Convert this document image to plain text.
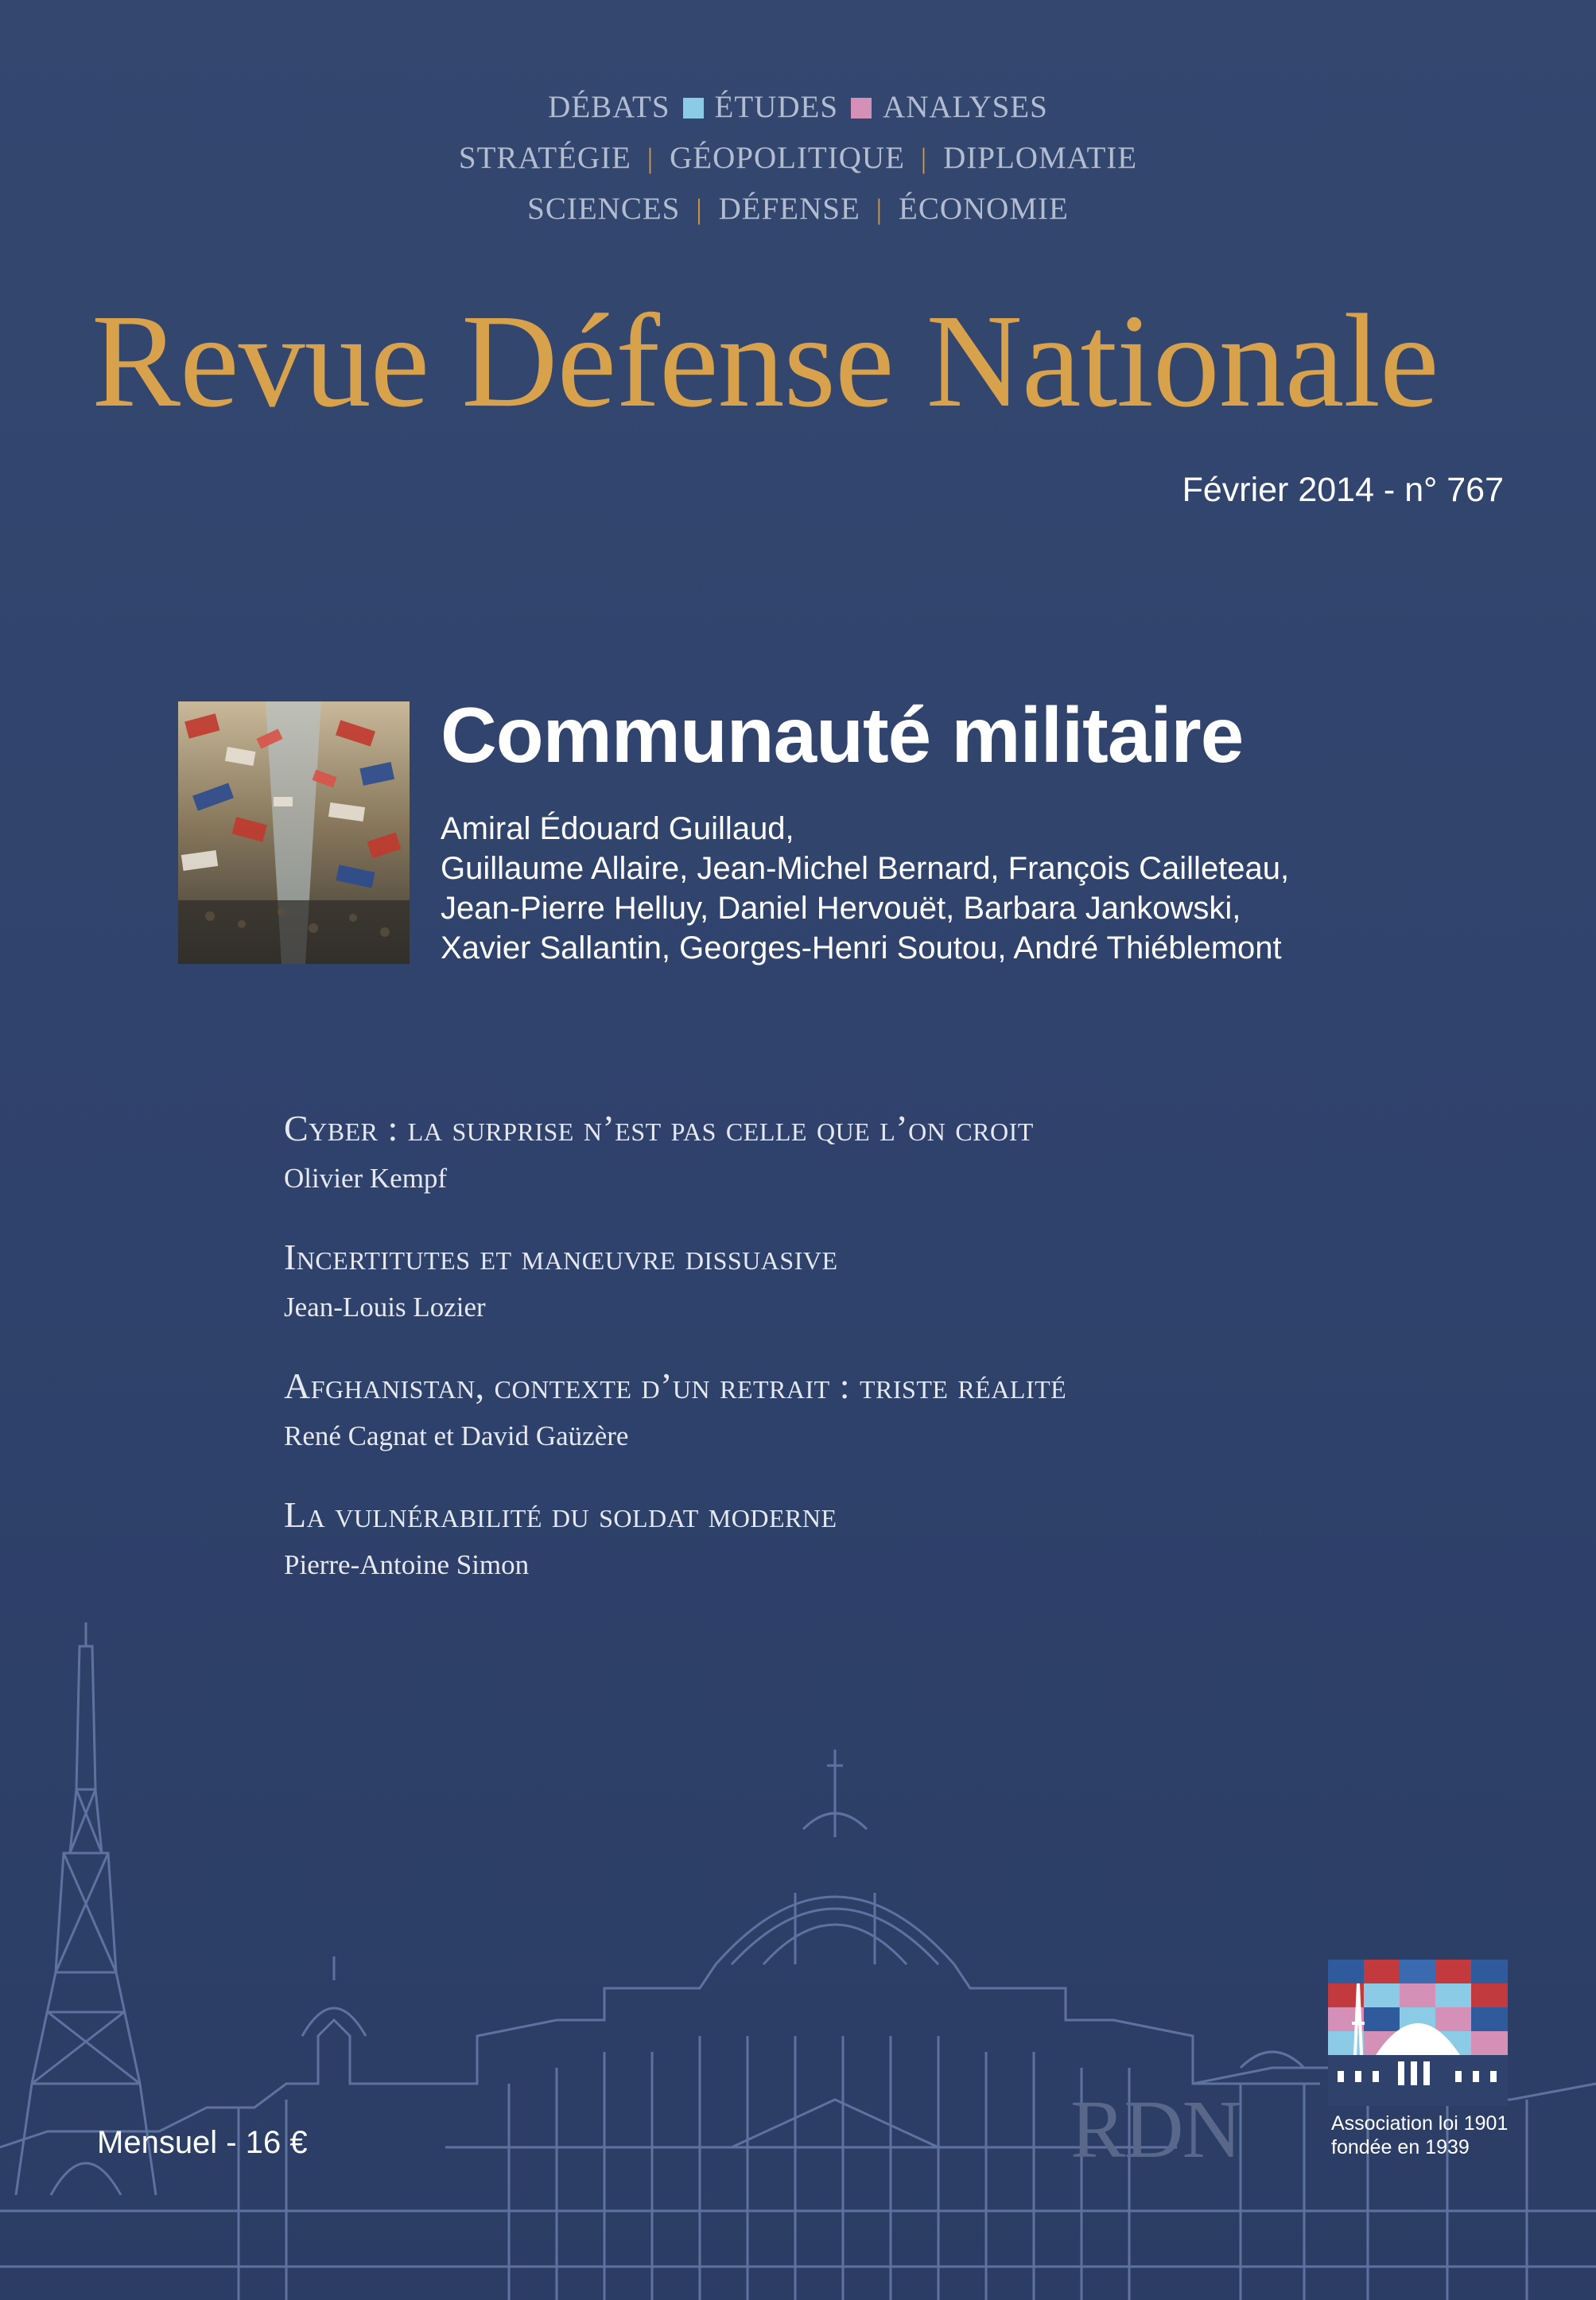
DÉBATS ÉTUDES ANALYSES
STRATÉGIE | GÉOPOLITIQUE | DIPLOMATIE
SCIENCES | DÉFENSE | ÉCONOMIE
Revue Défense Nationale
Février 2014 - n° 767
Communauté militaire
Amiral Édouard Guillaud,
Guillaume Allaire, Jean-Michel Bernard, François Cailleteau,
Jean-Pierre Helluy, Daniel Hervouët, Barbara Jankowski,
Xavier Sallantin, Georges-Henri Soutou, André Thiéblemont
Cyber : la surprise n’est pas celle que l’on croit
Olivier Kempf
Incertitutes et manœuvre dissuasive
Jean-Louis Lozier
Afghanistan, contexte d’un retrait : triste réalité
René Cagnat et David Gaüzère
La vulnérabilité du soldat moderne
Pierre-Antoine Simon
Mensuel - 16 €	RDN	Association loi 1901
fondée en 1939
